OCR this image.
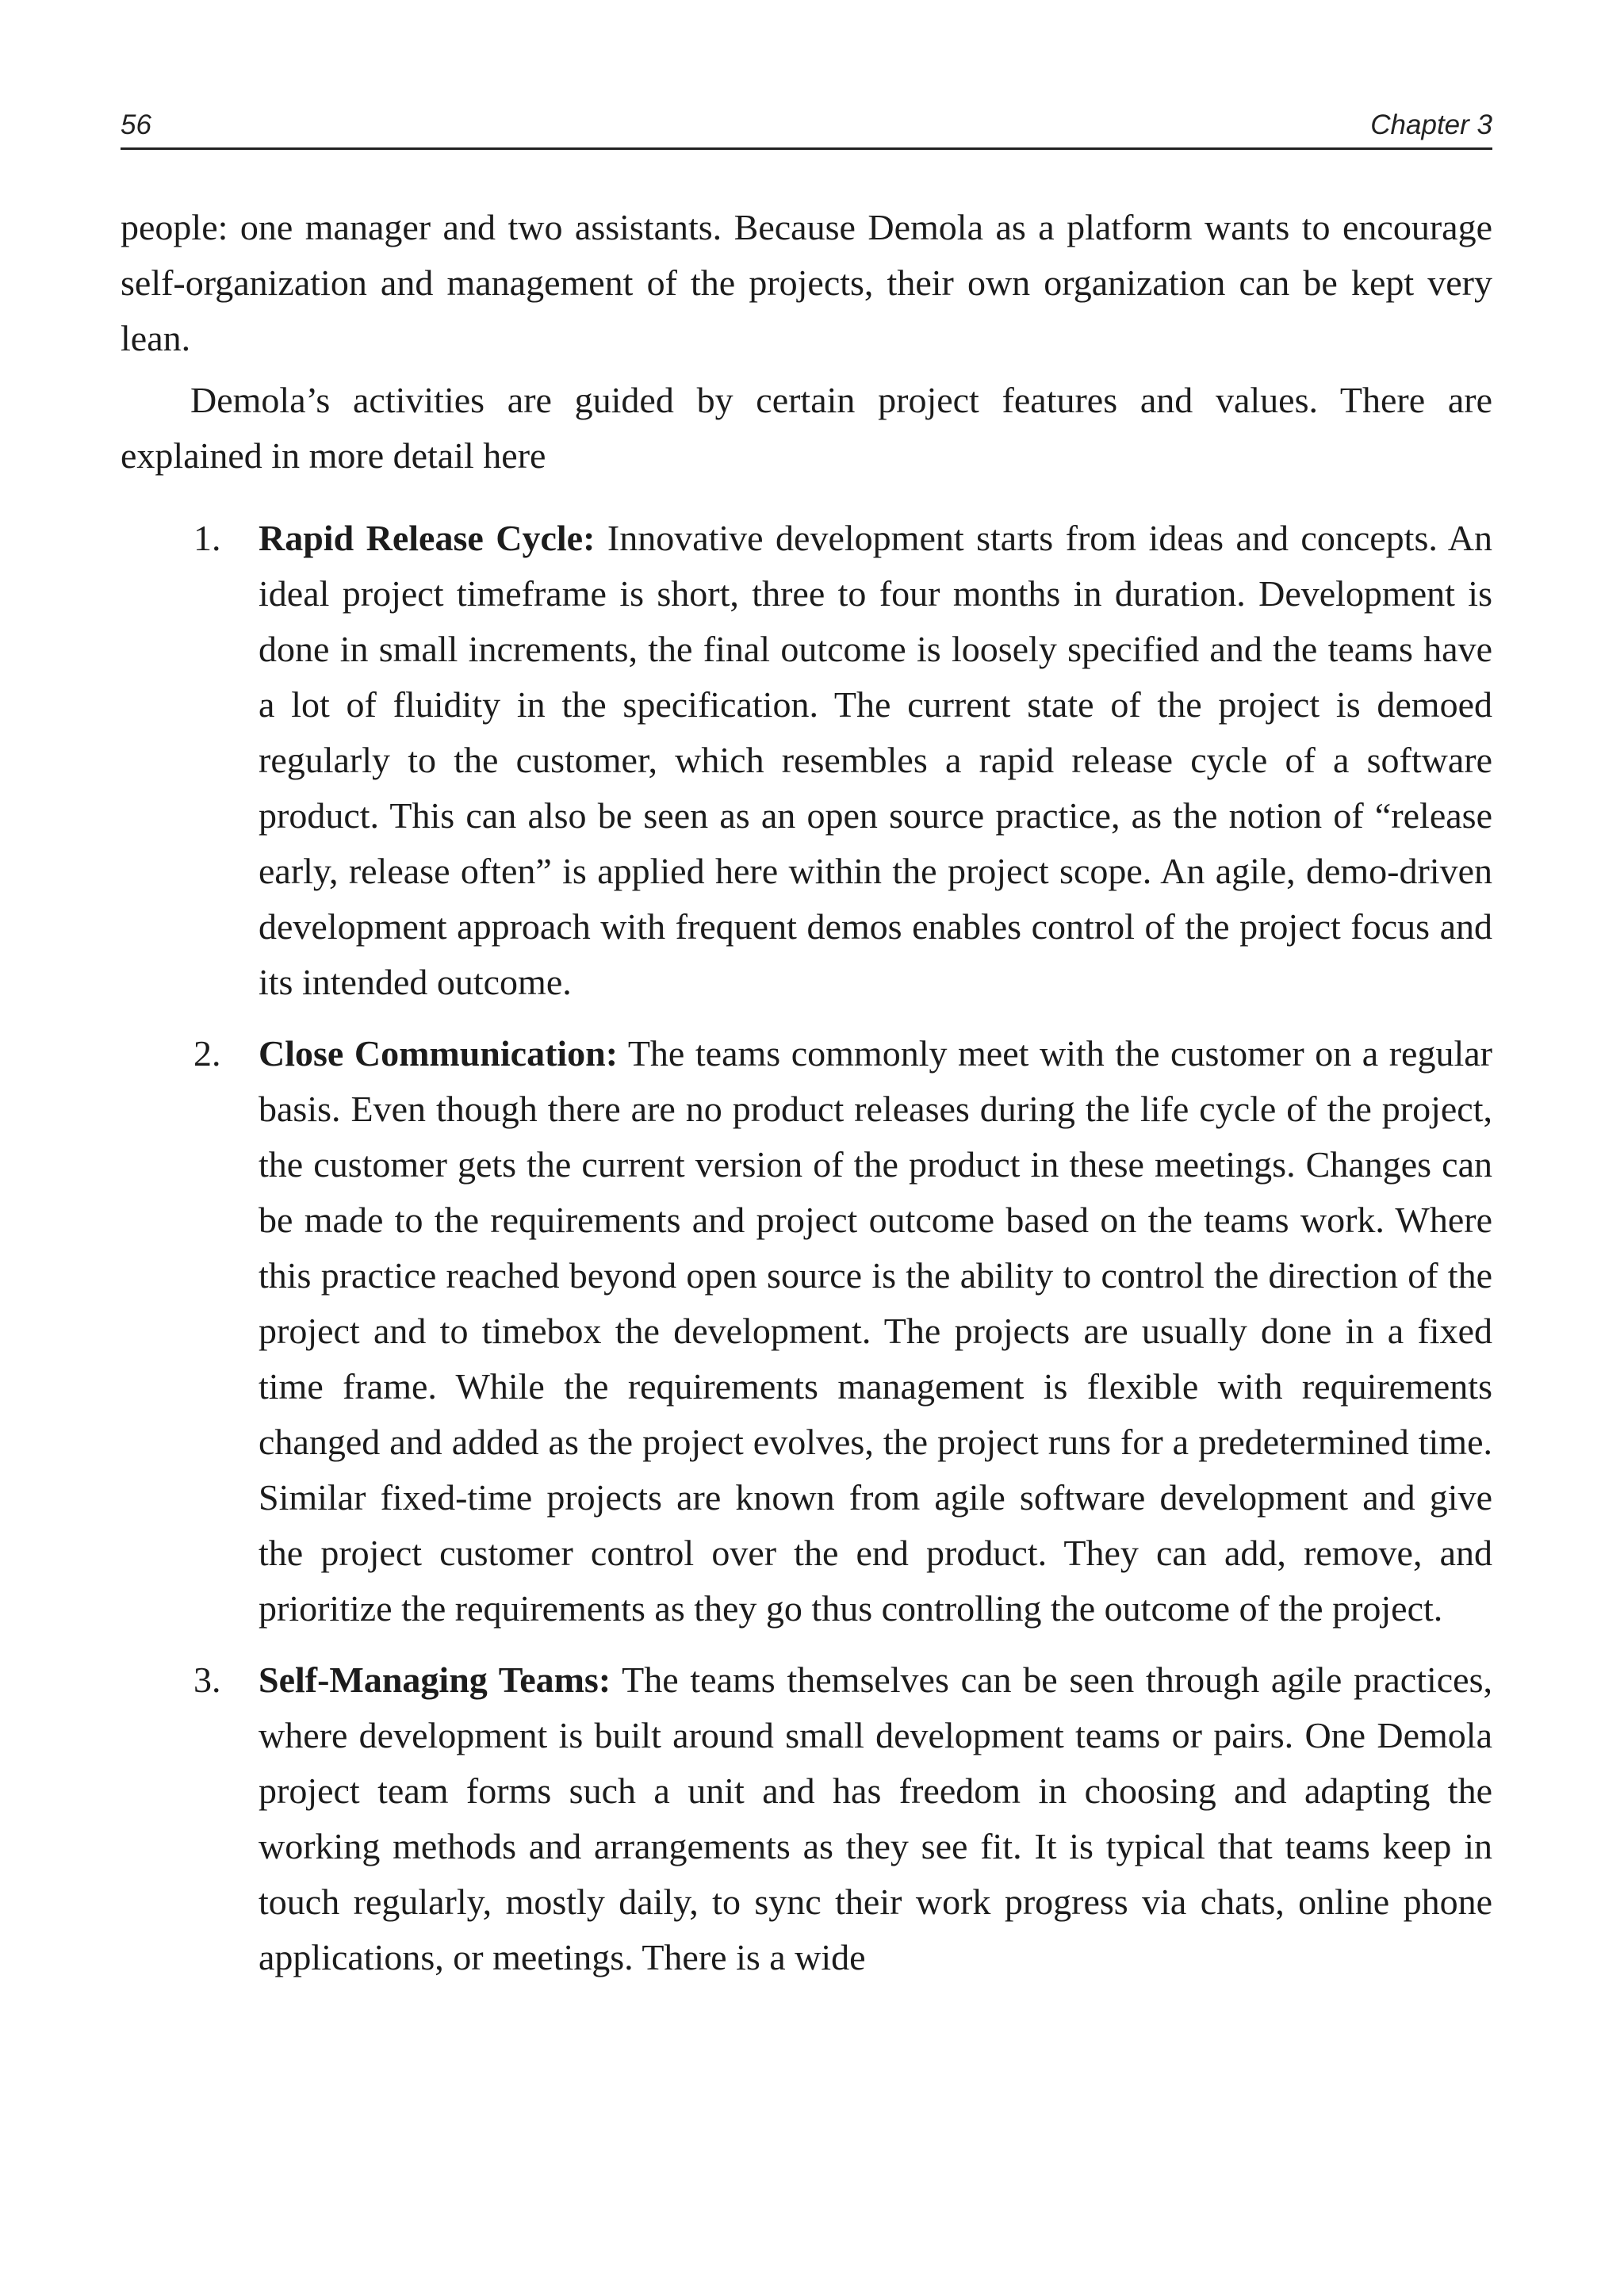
56	Chapter 3

people: one manager and two assistants. Because Demola as a platform wants to encourage self-organization and management of the projects, their own organization can be kept very lean.

Demola’s activities are guided by certain project features and values. There are explained in more detail here

1. Rapid Release Cycle: Innovative development starts from ideas and concepts. An ideal project timeframe is short, three to four months in duration. Development is done in small increments, the final outcome is loosely specified and the teams have a lot of fluidity in the specification. The current state of the project is demoed regularly to the customer, which resembles a rapid release cycle of a software product. This can also be seen as an open source practice, as the notion of “release early, release often” is applied here within the project scope. An agile, demo-driven development approach with frequent demos enables control of the project focus and its intended outcome.
2. Close Communication: The teams commonly meet with the customer on a regular basis. Even though there are no product releases during the life cycle of the project, the customer gets the current version of the product in these meetings. Changes can be made to the requirements and project outcome based on the teams work. Where this practice reached beyond open source is the ability to control the direction of the project and to timebox the development. The projects are usually done in a fixed time frame. While the requirements management is flexible with requirements changed and added as the project evolves, the project runs for a predetermined time. Similar fixed-time projects are known from agile software development and give the project customer control over the end product. They can add, remove, and prioritize the requirements as they go thus controlling the outcome of the project.
3. Self-Managing Teams: The teams themselves can be seen through agile practices, where development is built around small development teams or pairs. One Demola project team forms such a unit and has freedom in choosing and adapting the working methods and arrangements as they see fit. It is typical that teams keep in touch regularly, mostly daily, to sync their work progress via chats, online phone applications, or meetings. There is a wide
